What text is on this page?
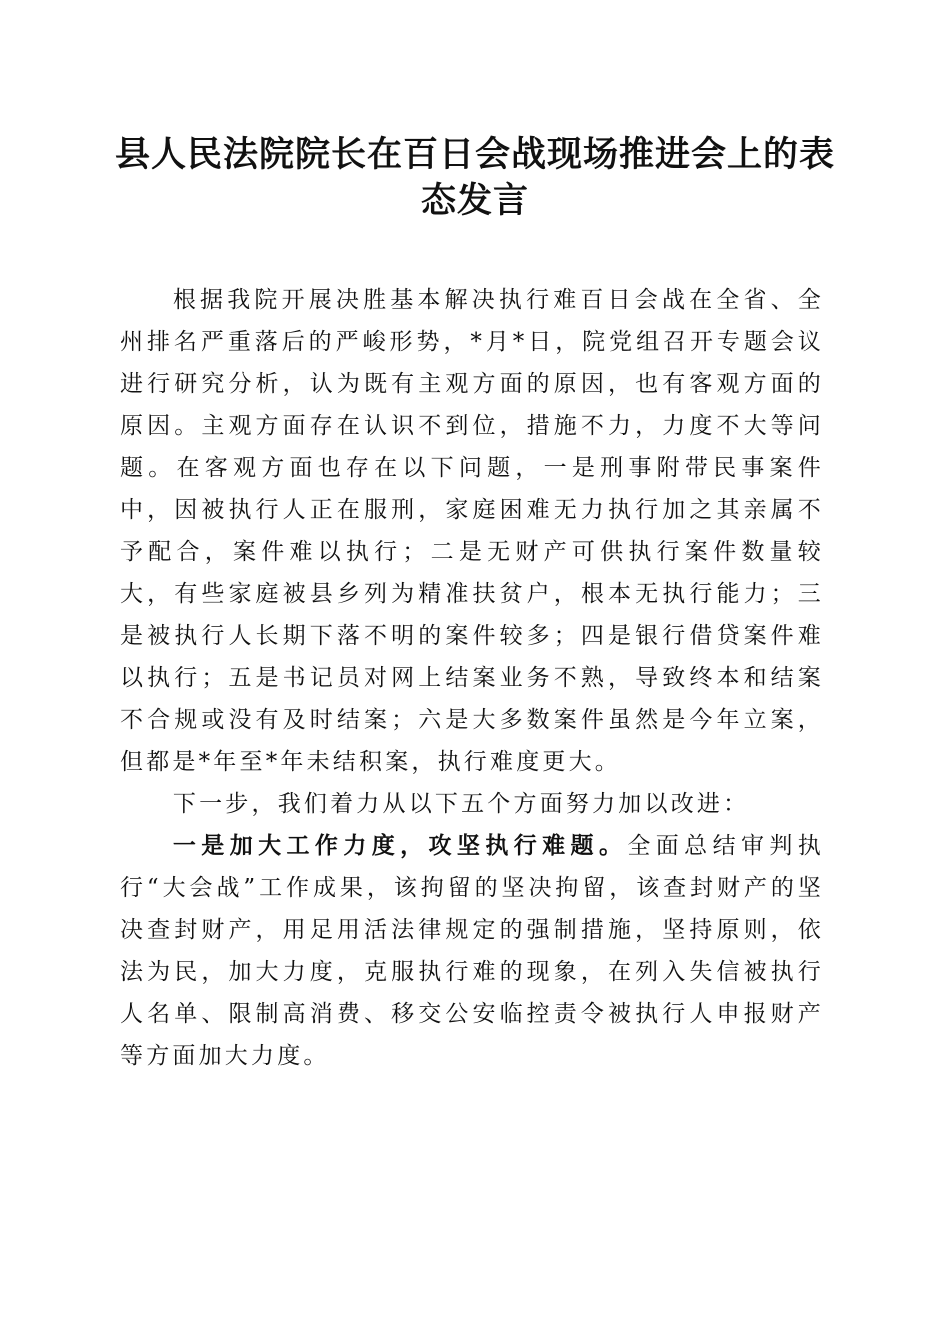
县人民法院院长在百日会战现场推进会上的表态发言

根据我院开展决胜基本解决执行难百日会战在全省、全州排名严重落后的严峻形势，*月*日，院党组召开专题会议进行研究分析，认为既有主观方面的原因，也有客观方面的原因。主观方面存在认识不到位，措施不力，力度不大等问题。在客观方面也存在以下问题，一是刑事附带民事案件中，因被执行人正在服刑，家庭困难无力执行加之其亲属不予配合，案件难以执行；二是无财产可供执行案件数量较大，有些家庭被县乡列为精准扶贫户，根本无执行能力；三是被执行人长期下落不明的案件较多；四是银行借贷案件难以执行；五是书记员对网上结案业务不熟，导致终本和结案不合规或没有及时结案；六是大多数案件虽然是今年立案，但都是*年至*年未结积案，执行难度更大。

下一步，我们着力从以下五个方面努力加以改进：

一是加大工作力度，攻坚执行难题。全面总结审判执行“大会战”工作成果，该拘留的坚决拘留，该查封财产的坚决查封财产，用足用活法律规定的强制措施，坚持原则，依法为民，加大力度，克服执行难的现象，在列入失信被执行人名单、限制高消费、移交公安临控责令被执行人申报财产等方面加大力度。
